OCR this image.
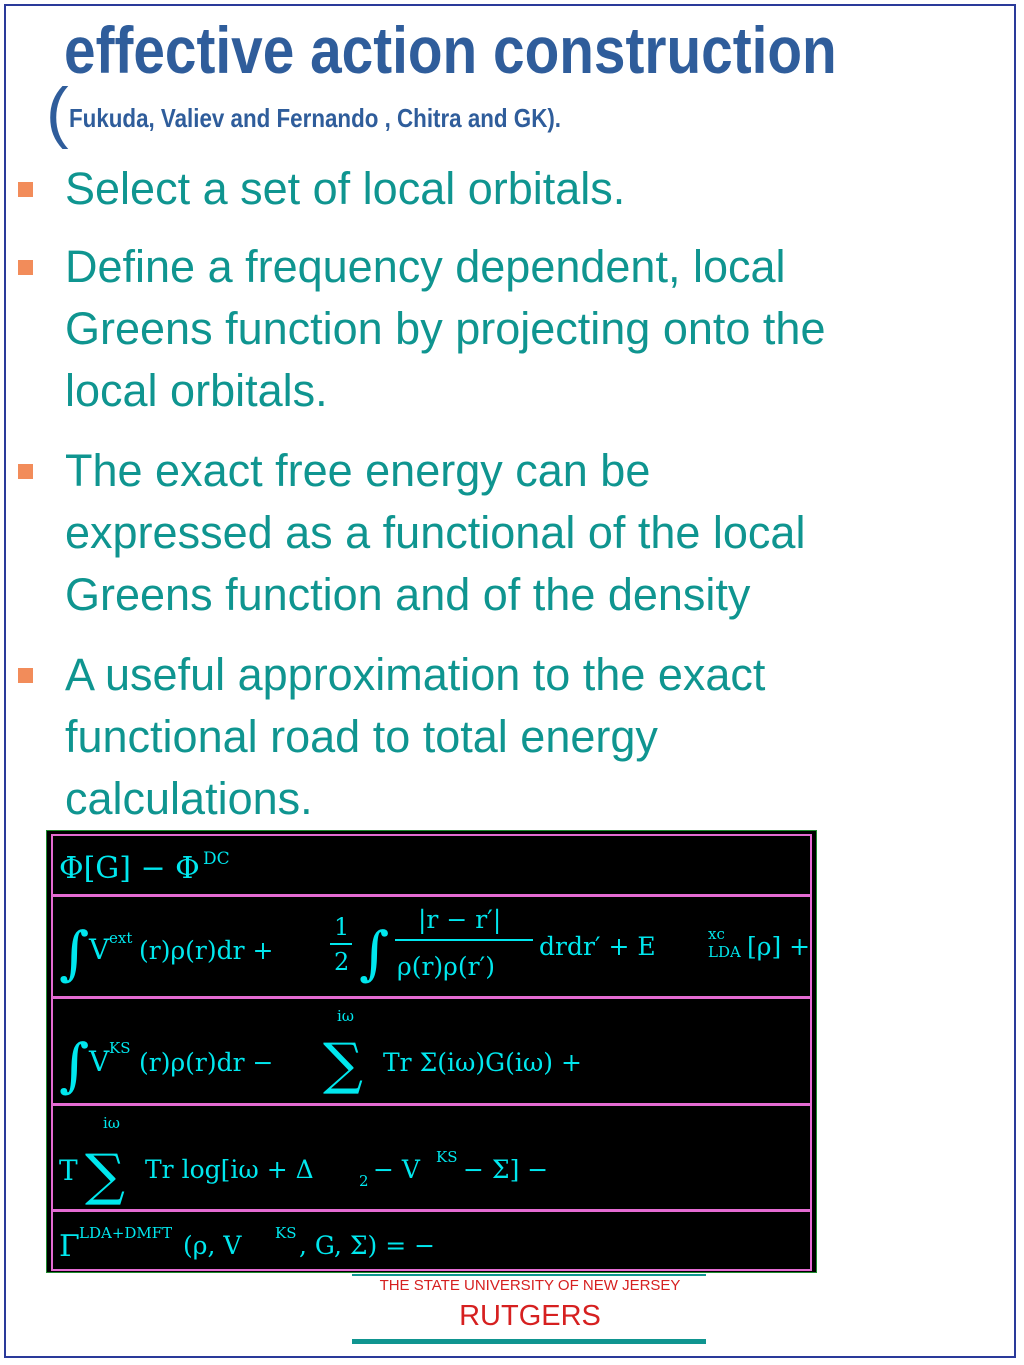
effective action construction
(Fukuda, Valiev and Fernando , Chitra and GK).
Select a set of local orbitals.
Define a frequency dependent, local
Greens function by projecting onto the
local orbitals.
The exact free energy can be
expressed as a functional of the local
Greens function and of the density
A useful approximation to the exact
functional road to total energy
calculations.
Φ[G] − Φ DC
∫ V ext (r)ρ(r)dr +
1
2 ∫ |r − r′|
ρ(r)ρ(r′)
drdr′ + E	LDA
xc [ρ] +
∫ V KS (r)ρ(r)dr −
iω
∑ Tr Σ(iω)G(iω) +
T
iω
∑ Tr log[iω + Δ	2 − V KS − Σ] −
Γ LDA+DMFT (ρ, V KS , G, Σ) = −
THE STATE UNIVERSITY OF NEW JERSEY
RUTGERS
